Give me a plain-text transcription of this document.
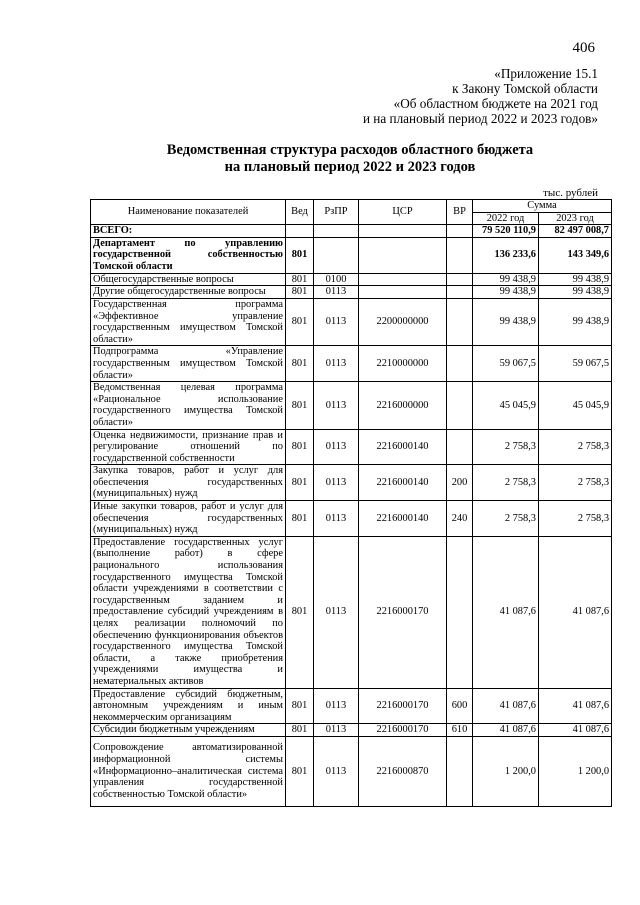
406
«Приложение 15.1
к Закону Томской области
«Об областном бюджете на 2021 год
и на плановый период 2022 и 2023 годов»
Ведомственная структура расходов областного бюджета
на плановый период 2022 и 2023 годов
тыс. рублей
Наименование показателей	Вед	РзПР	ЦСР	ВР	Сумма	
					2022 год	2023 год
ВСЕГО:					79 520 110,9	82 497 008,7

Департамент по управлению
государственной собственностью
Томской области	801				136 233,6	143 349,6
Общегосударственные вопросы	801	0100			99 438,9	99 438,9
Другие общегосударственные вопросы	801	0113			99 438,9	99 438,9
Государственная программа «Эффективное управление государственным имуществом Томской области»	801	0113	2200000000		99 438,9	99 438,9
Подпрограмма «Управление государственным имуществом Томской области»	801	0113	2210000000		59 067,5	59 067,5
Ведомственная целевая программа «Рациональное использование государственного имущества Томской области»	801	0113	2216000000		45 045,9	45 045,9
Оценка недвижимости, признание прав и регулирование отношений по государственной собственности	801	0113	2216000140		2 758,3	2 758,3
Закупка товаров, работ и услуг для обеспечения государственных (муниципальных) нужд	801	0113	2216000140	200	2 758,3	2 758,3
Иные закупки товаров, работ и услуг для обеспечения государственных (муниципальных) нужд	801	0113	2216000140	240	2 758,3	2 758,3
Предоставление государственных услуг (выполнение работ) в сфере рационального использования государственного имущества Томской области учреждениями в соответствии с государственным заданием и предоставление субсидий учреждениям в целях реализации полномочий по обеспечению функционирования объектов государственного имущества Томской области, а также приобретения учреждениями имущества и нематериальных активов	801	0113	2216000170		41 087,6	41 087,6
Предоставление субсидий бюджетным, автономным учреждениям и иным некоммерческим организациям	801	0113	2216000170	600	41 087,6	41 087,6
Субсидии бюджетным учреждениям	801	0113	2216000170	610	41 087,6	41 087,6
Сопровождение автоматизированной информационной системы «Информационно–аналитическая система управления государственной собственностью Томской области»	801	0113	2216000870		1 200,0	1 200,0
